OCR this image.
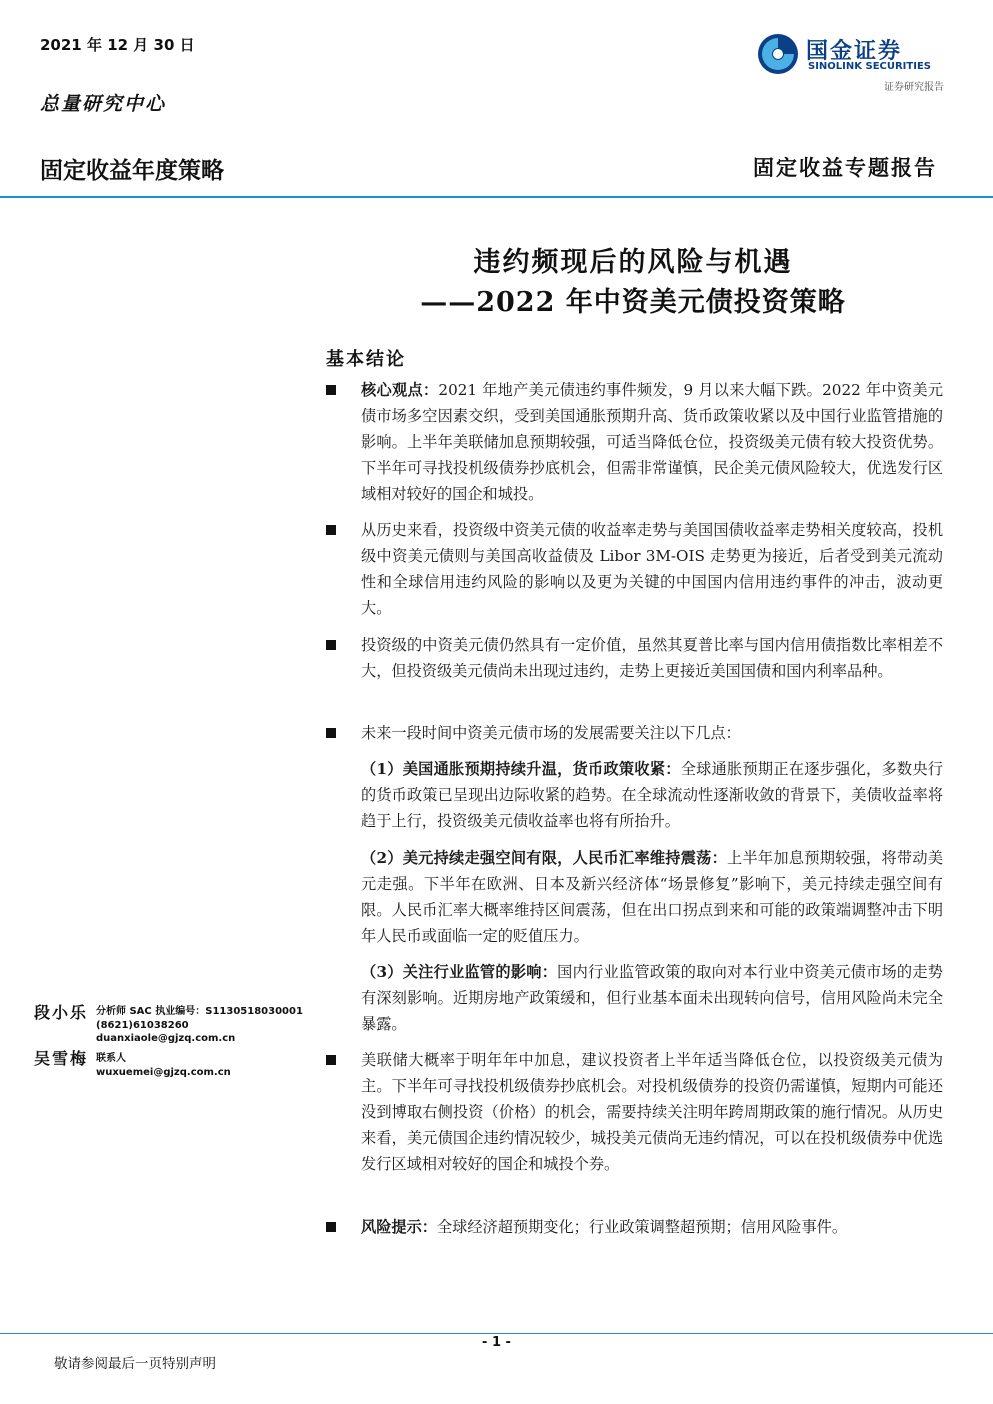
2021 年 12 月 30 日
总量研究中心
固定收益年度策略	固定收益专题报告
国金证券
SINOLINK SECURITIES
证券研究报告
违约频现后的风险与机遇
——2022 年中资美元债投资策略
基本结论
核心观点：2021 年地产美元债违约事件频发，9 月以来大幅下跌。2022 年中资美元债市场多空因素交织，受到美国通胀预期升高、货币政策收紧以及中国行业监管措施的影响。上半年美联储加息预期较强，可适当降低仓位，投资级美元债有较大投资优势。下半年可寻找投机级债券抄底机会，但需非常谨慎，民企美元债风险较大，优选发行区域相对较好的国企和城投。
从历史来看，投资级中资美元债的收益率走势与美国国债收益率走势相关度较高，投机级中资美元债则与美国高收益债及 Libor 3M-OIS 走势更为接近，后者受到美元流动性和全球信用违约风险的影响以及更为关键的中国国内信用违约事件的冲击，波动更大。
投资级的中资美元债仍然具有一定价值，虽然其夏普比率与国内信用债指数比率相差不大，但投资级美元债尚未出现过违约，走势上更接近美国国债和国内利率品种。
未来一段时间中资美元债市场的发展需要关注以下几点：
（1）美国通胀预期持续升温，货币政策收紧：全球通胀预期正在逐步强化，多数央行的货币政策已呈现出边际收紧的趋势。在全球流动性逐渐收敛的背景下，美债收益率将趋于上行，投资级美元债收益率也将有所抬升。
（2）美元持续走强空间有限，人民币汇率维持震荡：上半年加息预期较强，将带动美元走强。下半年在欧洲、日本及新兴经济体“场景修复”影响下，美元持续走强空间有限。人民币汇率大概率维持区间震荡，但在出口拐点到来和可能的政策端调整冲击下明年人民币或面临一定的贬值压力。
（3）关注行业监管的影响：国内行业监管政策的取向对本行业中资美元债市场的走势有深刻影响。近期房地产政策缓和，但行业基本面未出现转向信号，信用风险尚未完全暴露。
美联储大概率于明年年中加息，建议投资者上半年适当降低仓位，以投资级美元债为主。下半年可寻找投机级债券抄底机会。对投机级债券的投资仍需谨慎，短期内可能还没到博取右侧投资（价格）的机会，需要持续关注明年跨周期政策的施行情况。从历史来看，美元债国企违约情况较少，城投美元债尚无违约情况，可以在投机级债券中优选发行区域相对较好的国企和城投个券。
风险提示：全球经济超预期变化；行业政策调整超预期；信用风险事件。
段小乐 分析师 SAC 执业编号：S1130518030001
(8621)61038260
duanxiaole@gjzq.com.cn
吴雪梅 联系人
wuxuemei@gjzq.com.cn
- 1 -
敬请参阅最后一页特别声明
